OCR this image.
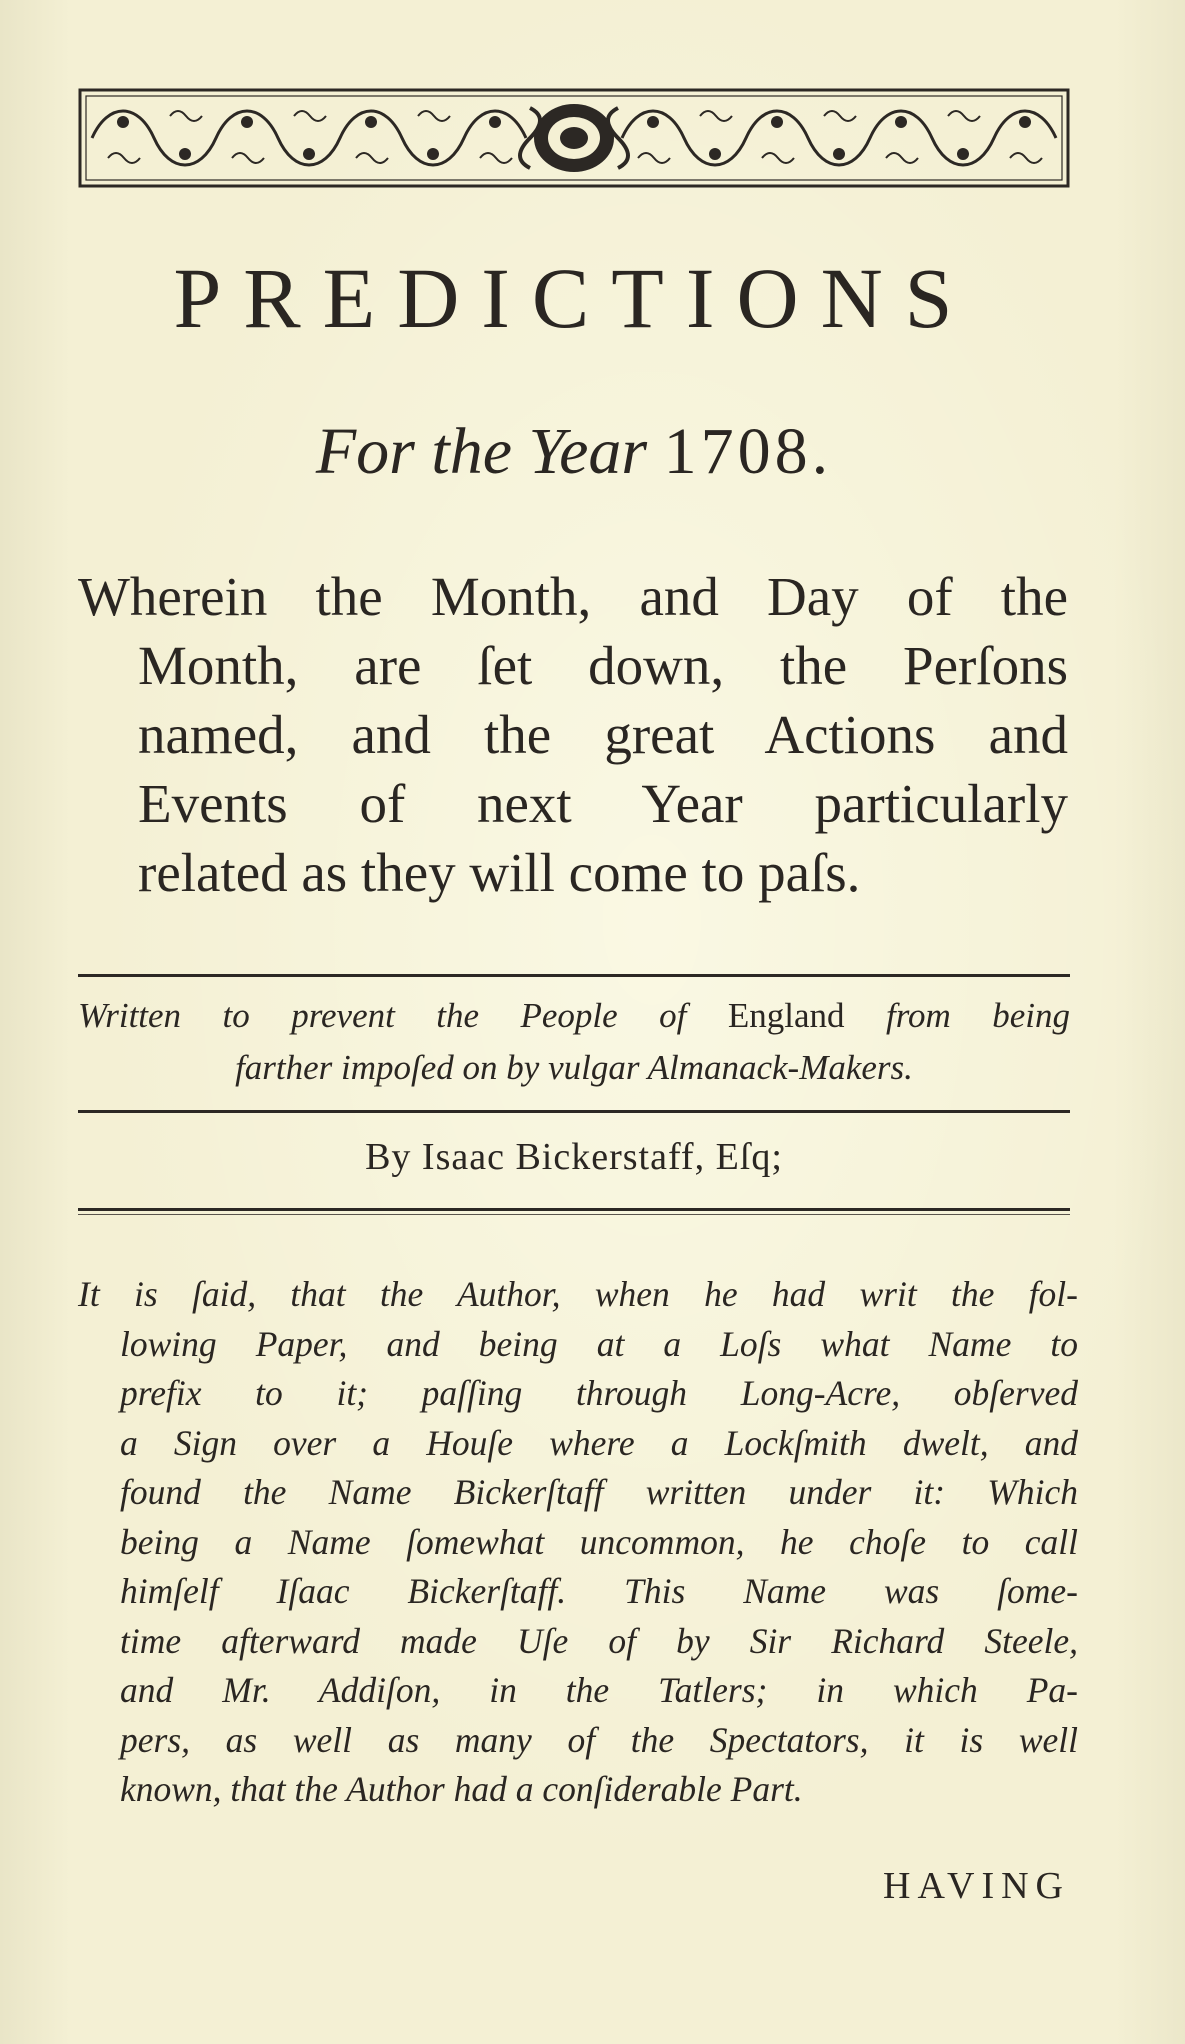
PREDICTIONS
For the Year 1708.
Wherein the Month, and Day of the
Month, are ſet down, the Perſons
named, and the great Actions and
Events of next Year particularly
related as they will come to paſs.
Written to prevent the People of England from being
farther impoſed on by vulgar Almanack-Makers.
By Isaac Bickerstaff, Eſq;
It is ſaid, that the Author, when he had writ the fol-
lowing Paper, and being at a Loſs what Name to
prefix to it; paſſing through Long-Acre, obſerved
a Sign over a Houſe where a Lockſmith dwelt, and
found the Name Bickerſtaff written under it: Which
being a Name ſomewhat uncommon, he choſe to call
himſelf Iſaac Bickerſtaff. This Name was ſome-
time afterward made Uſe of by Sir Richard Steele,
and Mr. Addiſon, in the Tatlers; in which Pa-
pers, as well as many of the Spectators, it is well
known, that the Author had a conſiderable Part.
HAVING
